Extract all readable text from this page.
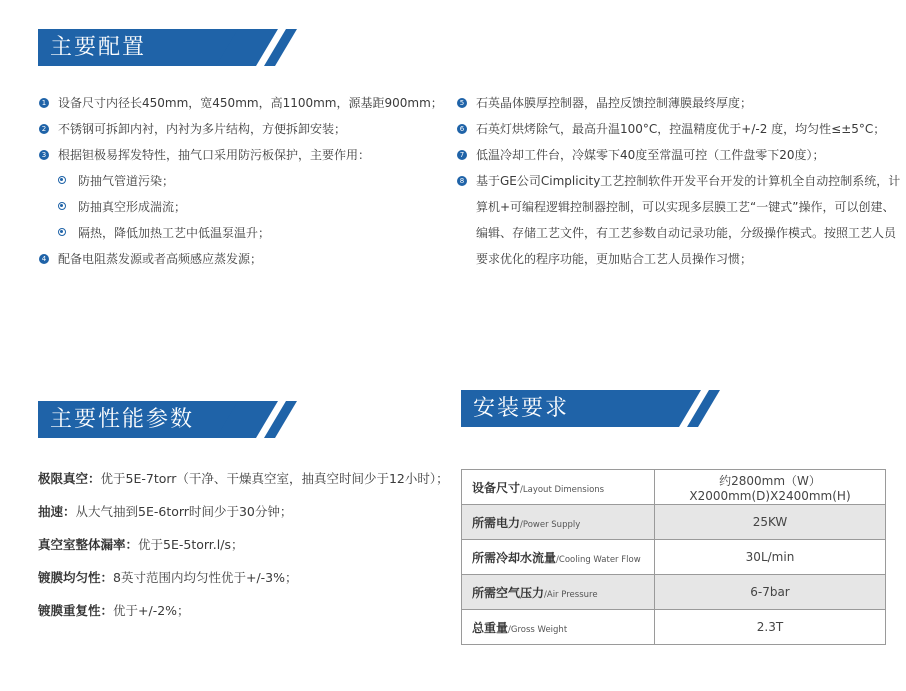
主要配置
1 设备尺寸内径长450mm，宽450mm，高1100mm，源基距900mm；
2 不锈钢可拆卸内衬，内衬为多片结构，方便拆卸安装；
3 根据钽极易挥发特性，抽气口采用防污板保护，主要作用：
防抽气管道污染；
防抽真空形成湍流；
隔热，降低加热工艺中低温泵温升；
4 配备电阻蒸发源或者高频感应蒸发源；
5 石英晶体膜厚控制器，晶控反馈控制薄膜最终厚度；
6 石英灯烘烤除气，最高升温100°C，控温精度优于+/-2 度，均匀性≤±5°C；
7 低温冷却工件台，冷媒零下40度至常温可控（工件盘零下20度）；
8 基于GE公司Cimplicity工艺控制软件开发平台开发的计算机全自动控制系统，计算机+可编程逻辑控制器控制，可以实现多层膜工艺“一键式”操作，可以创建、编辑、存储工艺文件，有工艺参数自动记录功能，分级操作模式。按照工艺人员要求优化的程序功能，更加贴合工艺人员操作习惯；
主要性能参数
极限真空：优于5E-7torr（干净、干燥真空室，抽真空时间少于12小时）；
抽速：从大气抽到5E-6torr时间少于30分钟；
真空室整体漏率：优于5E-5torr.l/s；
镀膜均匀性：8英寸范围内均匀性优于+/-3%；
镀膜重复性：优于+/-2%；
安装要求
设备尺寸/Layout Dimensions	约2800mm（W）X2000mm(D)X2400mm(H)
所需电力/Power Supply	25KW
所需冷却水流量/Cooling Water Flow	30L/min
所需空气压力/Air Pressure	6-7bar
总重量/Gross Weight	2.3T
